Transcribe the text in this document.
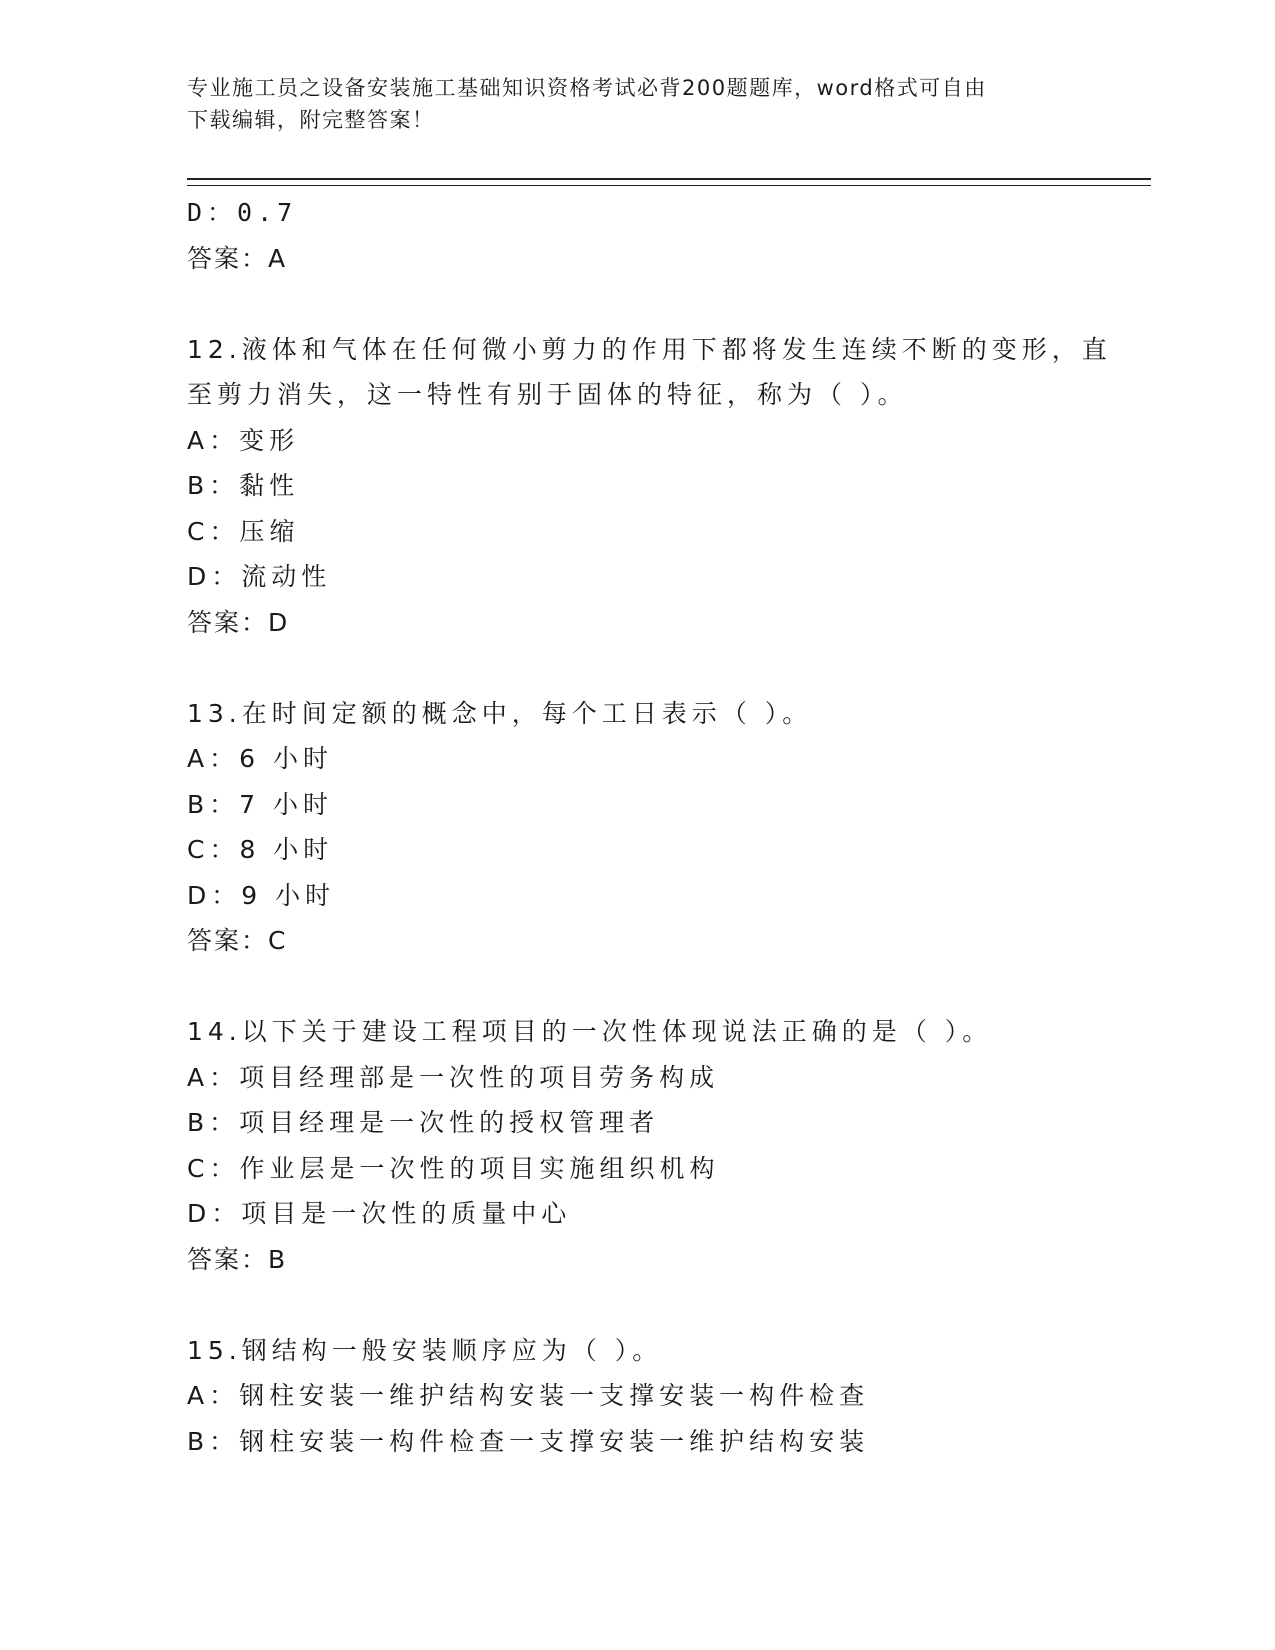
专业施工员之设备安装施工基础知识资格考试必背200题题库，word格式可自由
下载编辑，附完整答案！
D：0.7
答案：A
12.液体和气体在任何微小剪力的作用下都将发生连续不断的变形，直
至剪力消失，这一特性有别于固体的特征，称为（ ）。
A：变形
B：黏性
C：压缩
D：流动性
答案：D
13.在时间定额的概念中，每个工日表示（ ）。
A：6 小时
B：7 小时
C：8 小时
D：9 小时
答案：C
14.以下关于建设工程项目的一次性体现说法正确的是（ ）。
A：项目经理部是一次性的项目劳务构成
B：项目经理是一次性的授权管理者
C：作业层是一次性的项目实施组织机构
D：项目是一次性的质量中心
答案：B
15.钢结构一般安装顺序应为（ ）。
A：钢柱安装一维护结构安装一支撑安装一构件检查
B：钢柱安装一构件检查一支撑安装一维护结构安装
